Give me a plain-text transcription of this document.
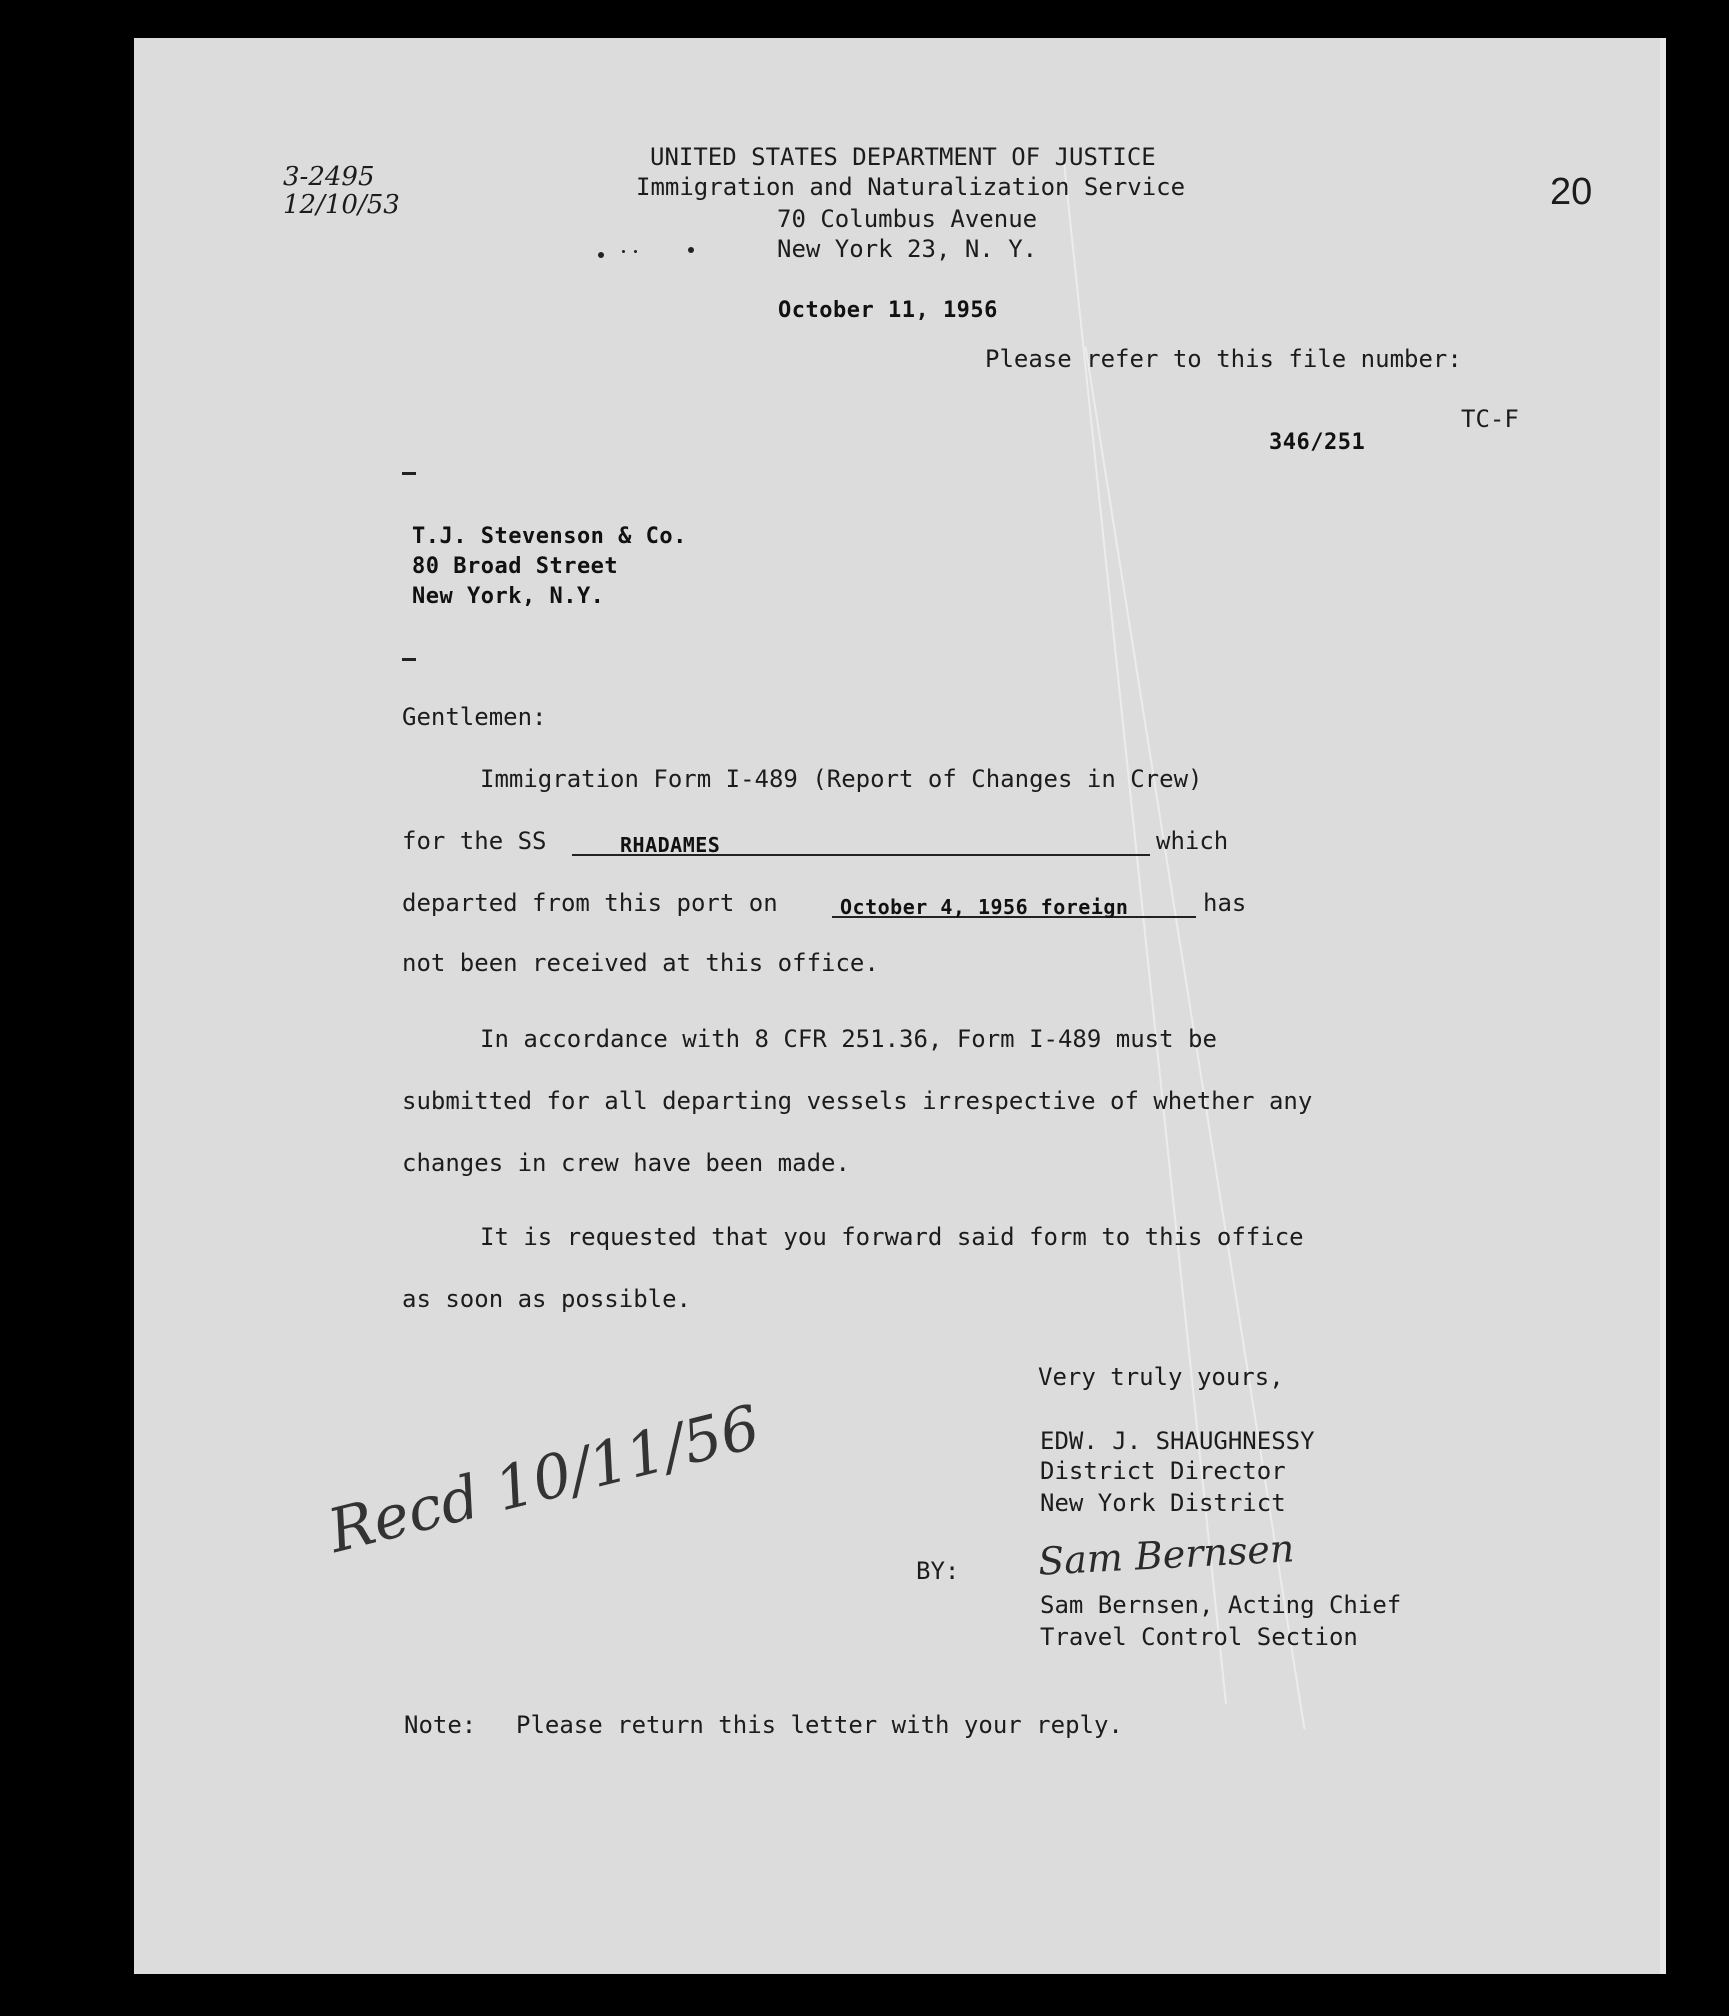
3-2495
12/10/53	20
UNITED STATES DEPARTMENT OF JUSTICE
Immigration and Naturalization Service
70 Columbus Avenue
New York 23, N. Y.
October 11, 1956
Please refer to this file number:
TC-F
346/251
T.J. Stevenson & Co.
80 Broad Street
New York, N.Y.
Gentlemen:
Immigration Form I-489 (Report of Changes in Crew)
for the SS	RHADAMES	which
departed from this port on	October 4, 1956 foreign	has
not been received at this office.
In accordance with 8 CFR 251.36, Form I-489 must be
submitted for all departing vessels irrespective of whether any
changes in crew have been made.
It is requested that you forward said form to this office
as soon as possible.
Very truly yours,
EDW. J. SHAUGHNESSY
District Director
New York District
BY: Sam Bernsen
Sam Bernsen, Acting Chief
Travel Control Section
Recd 10/11/56
Note: Please return this letter with your reply.
